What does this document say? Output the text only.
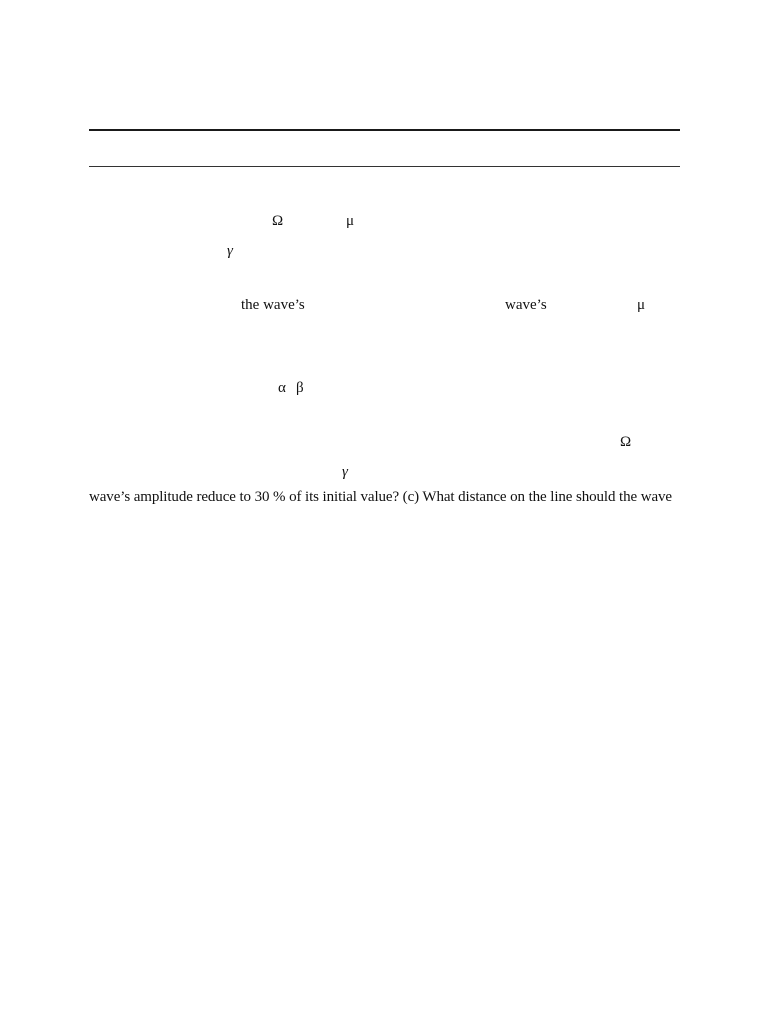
Ω	μ
γ
the wave’s	wave’s	μ
α β
Ω
γ
wave’s amplitude reduce to 30 % of its initial value? (c) What distance on the line should the wave
